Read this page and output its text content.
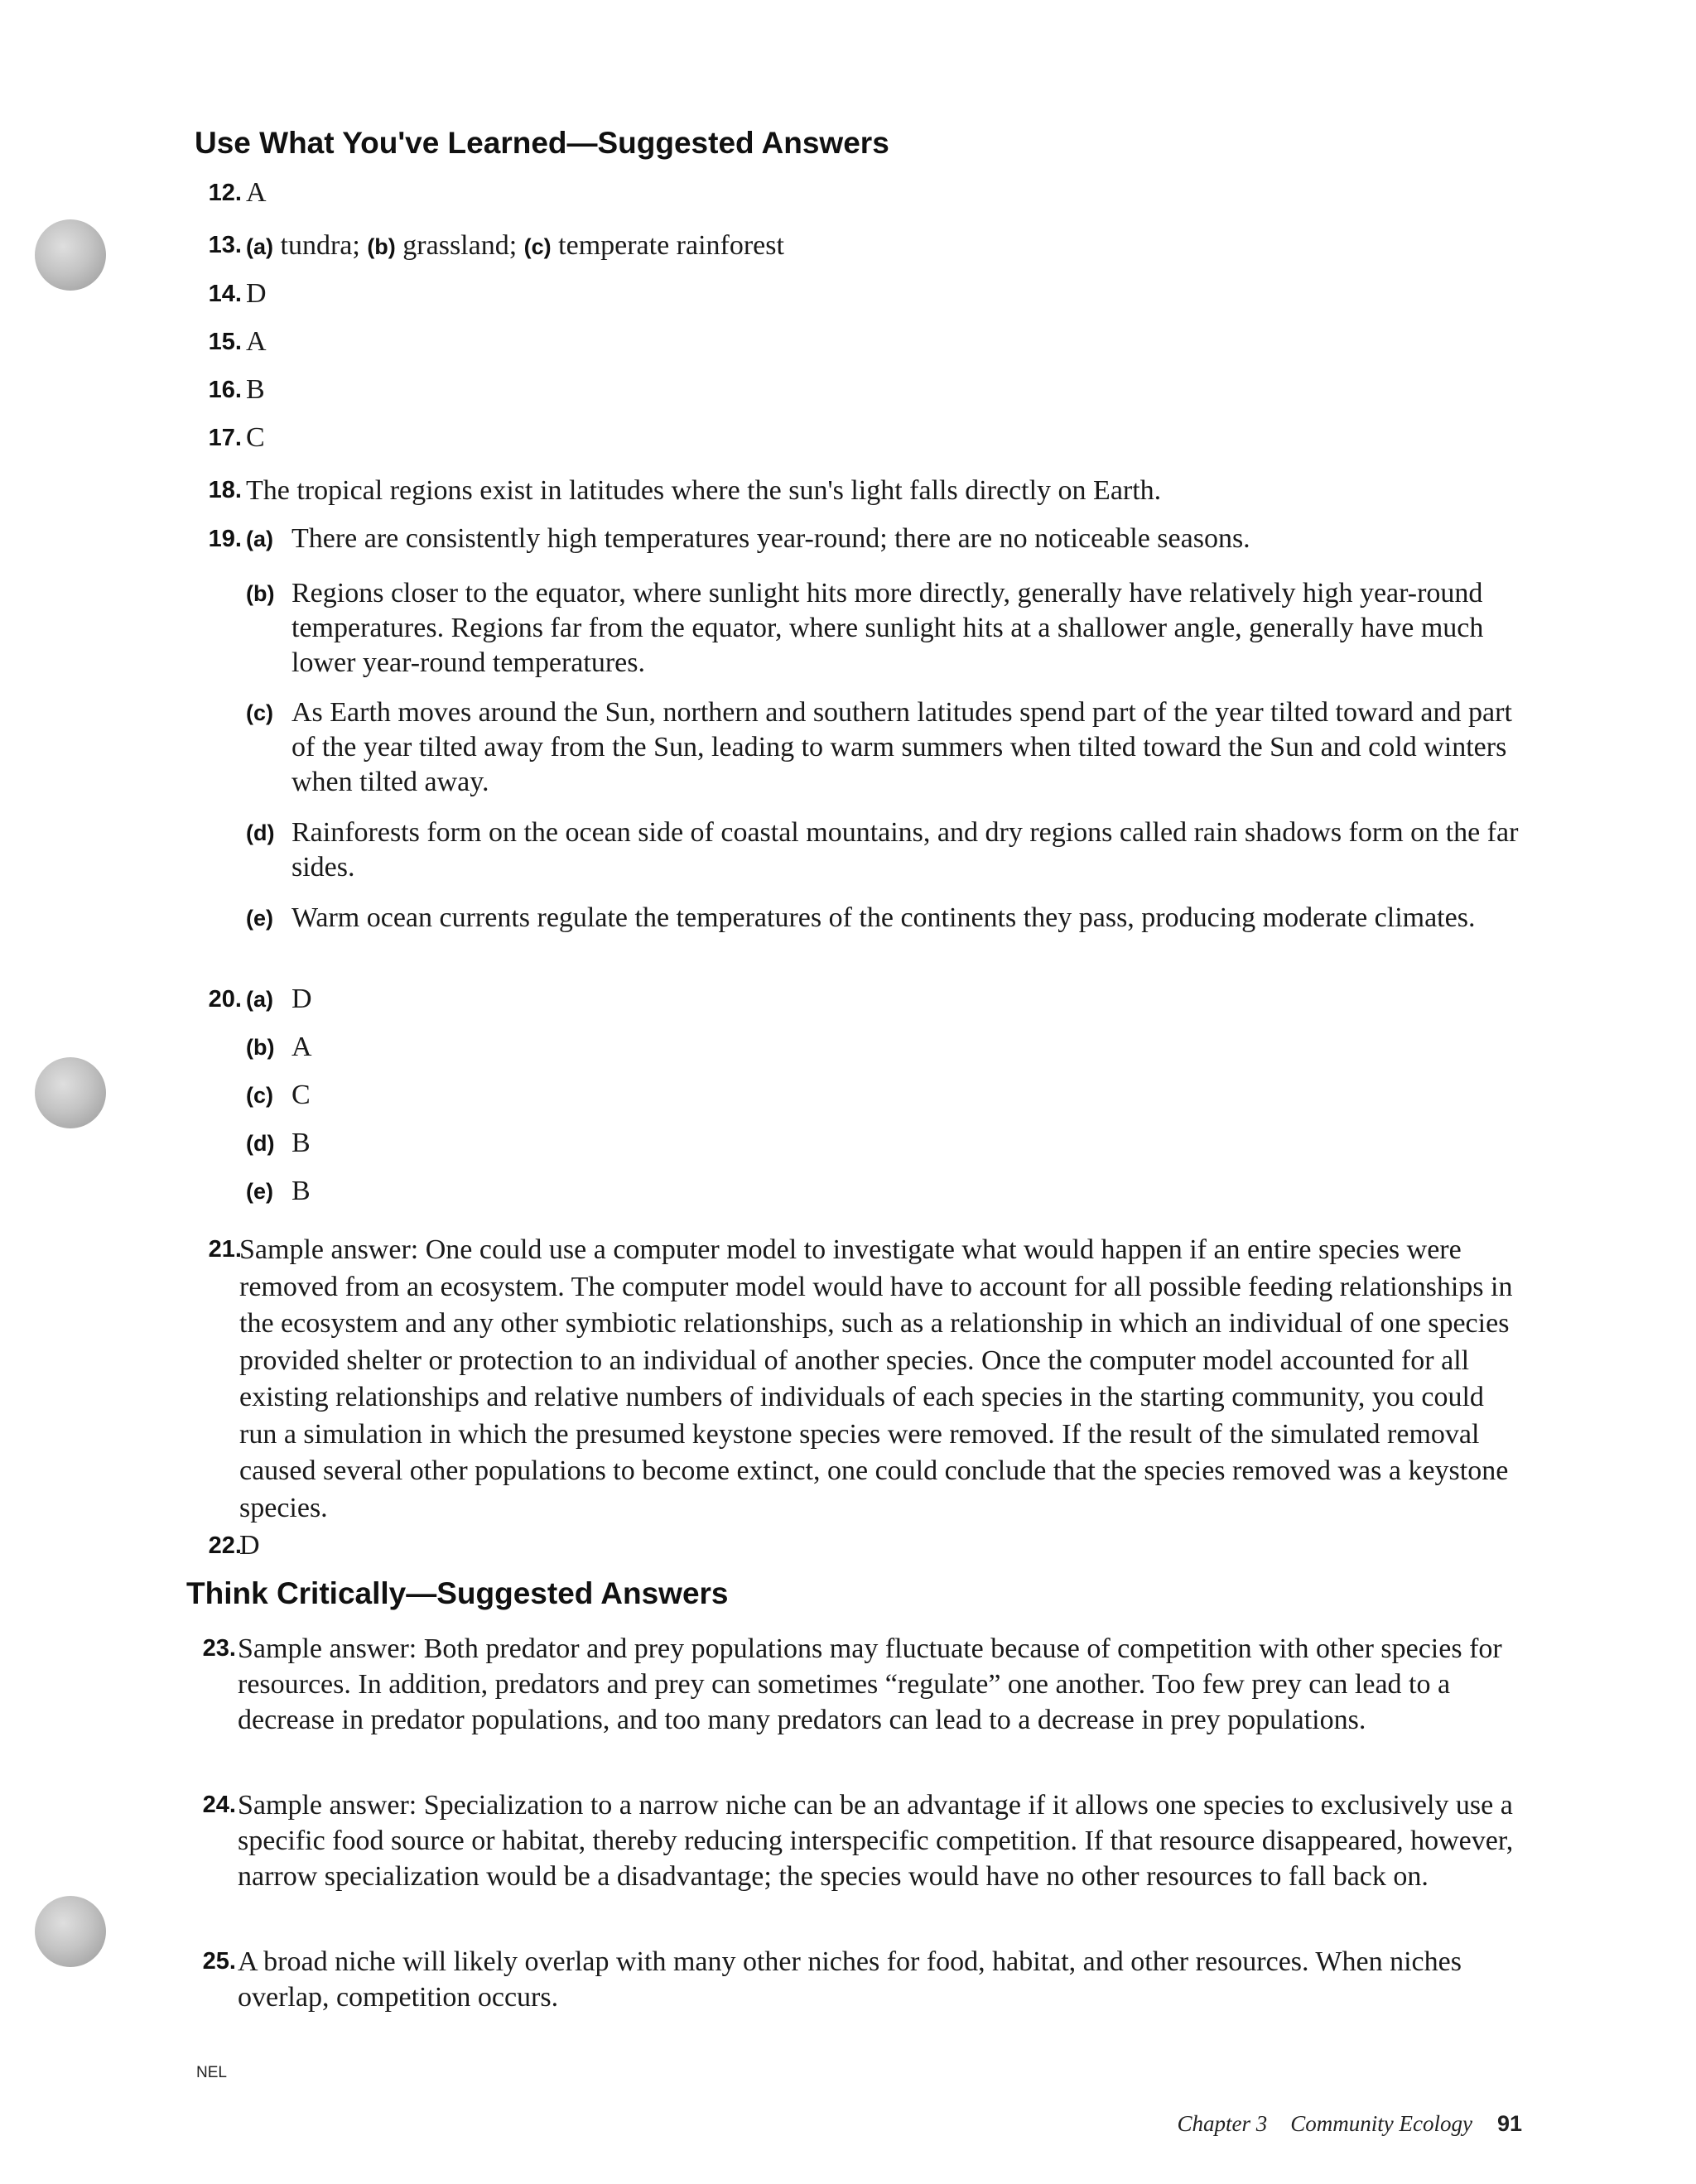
Use What You've Learned—Suggested Answers
12. A
13. (a) tundra; (b) grassland; (c) temperate rainforest
14. D
15. A
16. B
17. C
18. The tropical regions exist in latitudes where the sun's light falls directly on Earth.
19. (a) There are consistently high temperatures year-round; there are no noticeable seasons.
(b) Regions closer to the equator, where sunlight hits more directly, generally have relatively high year-round temperatures. Regions far from the equator, where sunlight hits at a shallower angle, generally have much lower year-round temperatures.
(c) As Earth moves around the Sun, northern and southern latitudes spend part of the year tilted toward and part of the year tilted away from the Sun, leading to warm summers when tilted toward the Sun and cold winters when tilted away.
(d) Rainforests form on the ocean side of coastal mountains, and dry regions called rain shadows form on the far sides.
(e) Warm ocean currents regulate the temperatures of the continents they pass, producing moderate climates.
20. (a) D
(b) A
(c) C
(d) B
(e) B
21.
Sample answer: One could use a computer model to investigate what would happen if an entire species were removed from an ecosystem. The computer model would have to account for all possible feeding relationships in the ecosystem and any other symbiotic relationships, such as a relationship in which an individual of one species provided shelter or protection to an individual of another species. Once the computer model accounted for all existing relationships and relative numbers of individuals of each species in the starting community, you could run a simulation in which the presumed keystone species were removed. If the result of the simulated removal caused several other populations to become extinct, one could conclude that the species removed was a keystone species.
22.
D
Think Critically—Suggested Answers
23. Sample answer: Both predator and prey populations may fluctuate because of competition with other species for resources. In addition, predators and prey can sometimes “regulate” one another. Too few prey can lead to a decrease in predator populations, and too many predators can lead to a decrease in prey populations.
24. Sample answer: Specialization to a narrow niche can be an advantage if it allows one species to exclusively use a specific food source or habitat, thereby reducing interspecific competition. If that resource disappeared, however, narrow specialization would be a disadvantage; the species would have no other resources to fall back on.
25. A broad niche will likely overlap with many other niches for food, habitat, and other resources. When niches overlap, competition occurs.
NEL
Chapter 3 Community Ecology 91
